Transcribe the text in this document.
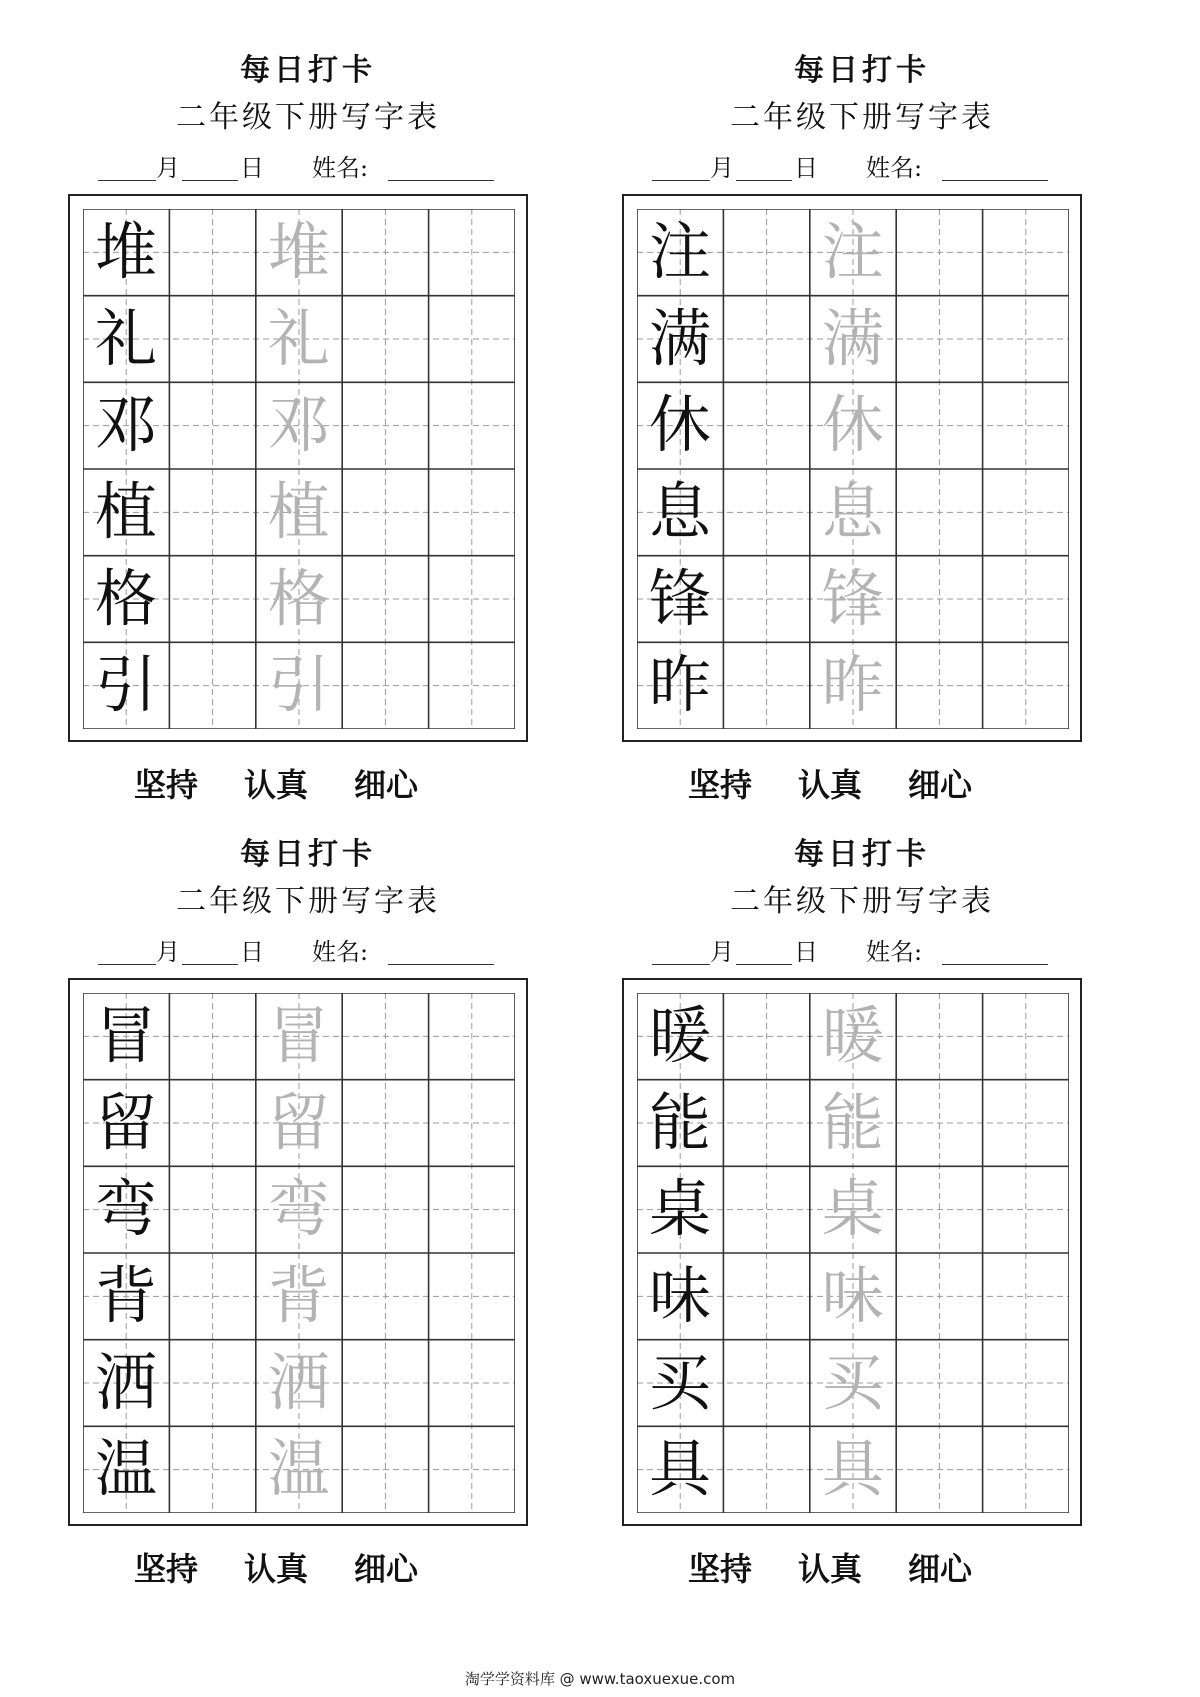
每日打卡
二年级下册写字表
月	日 姓名:
堆 堆
礼 礼
邓 邓
植 植
格 格
引 引
坚持 认真 细心
每日打卡
二年级下册写字表
月	日 姓名:
注 注
满 满
休 休
息 息
锋 锋
昨 昨
坚持 认真 细心
每日打卡
二年级下册写字表
月	日 姓名:
冒 冒
留 留
弯 弯
背 背
洒 洒
温 温
坚持 认真 细心
每日打卡
二年级下册写字表
月	日 姓名:
暖 暖
能 能
桌 桌
味 味
买 买
具 具
坚持 认真 细心
淘学学资料库 @ www.taoxuexue.com
